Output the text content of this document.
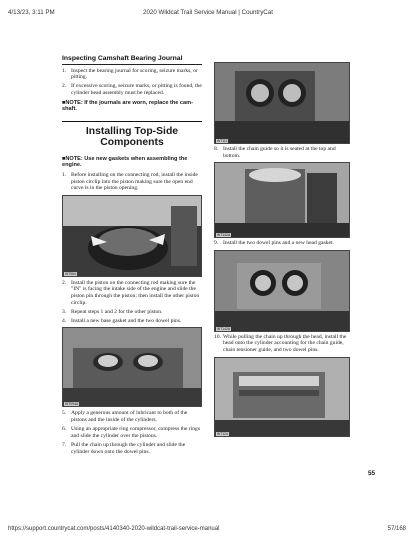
4/13/23, 3:11 PM	2020 Wildcat Trail Service Manual | CountryCat
Inspecting Camshaft Bearing Journal
1. Inspect the bearing journal for scoring, seizure marks, or pitting.
2. If excessive scoring, seizure marks, or pitting is found, the cylinder head assembly must be replaced.
■NOTE: If the journals are worn, replace the cam-shaft.
Installing Top-Side
Components
■NOTE: Use new gaskets when assembling the engine.
1. Before installing on the connecting rod, install the inside piston circlip into the piston making sure the open end curve is in the piston opening.
WT064
2. Install the piston on the connecting rod making sure the "IN" is facing the intake side of the engine and slide the piston pin through the piston; then install the other piston circlip.
3. Repeat steps 1 and 2 for the other piston.
4. Install a new base gasket and the two dowel pins.
WT094A
5. Apply a generous amount of lubricant to both of the pistons and the inside of the cylinders.
6. Using an appropriate ring compressor, compress the rings and slide the cylinder over the pistons.
7. Pull the chain up through the cylinder and slide the cylinder down onto the dowel pins.
WT111
8. Install the chain guide so it is seated at the top and bottom.
WT142A
9. Install the two dowel pins and a new head gasket.
WT142A
10. While pulling the chain up through the head, install the head onto the cylinder accounting for the chain guide, chain tensioner guide, and two dowel pins.
WT124
55
https://support.countrycat.com/posts/4140340-2020-wildcat-trail-service-manual	57/168
